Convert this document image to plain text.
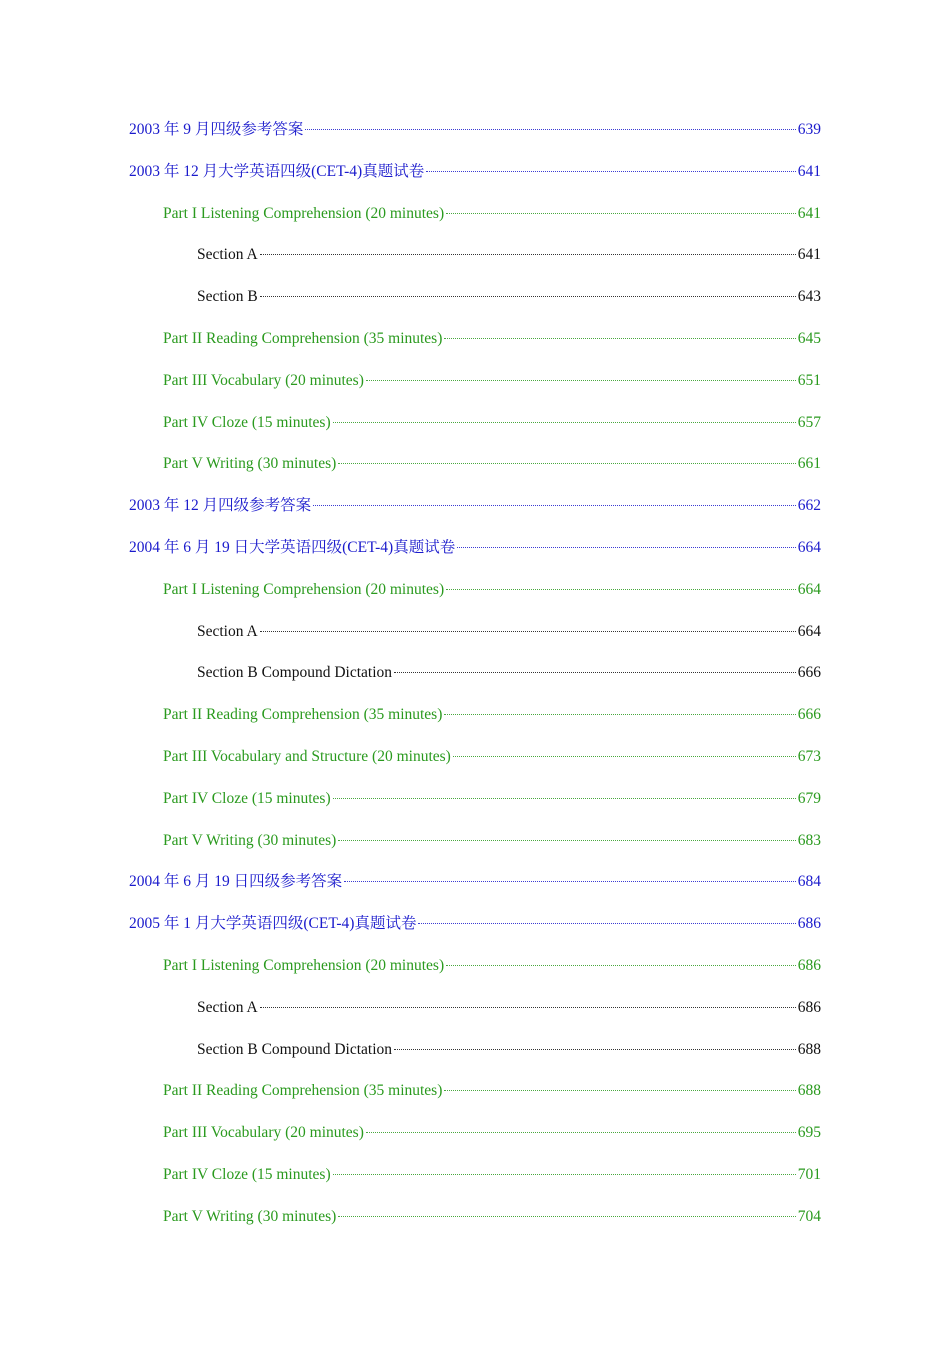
2003 年 9 月四级参考答案	639
2003 年 12 月大学英语四级(CET-4)真题试卷	641
Part I Listening Comprehension (20 minutes)	641
Section A	641
Section B	643
Part II Reading Comprehension (35 minutes)	645
Part III Vocabulary (20 minutes)	651
Part IV Cloze (15 minutes)	657
Part V Writing (30 minutes)	661
2003 年 12 月四级参考答案	662
2004 年 6 月 19 日大学英语四级(CET-4)真题试卷	664
Part I Listening Comprehension (20 minutes)	664
Section A	664
Section B Compound Dictation	666
Part II Reading Comprehension (35 minutes)	666
Part III Vocabulary and Structure (20 minutes)	673
Part IV Cloze (15 minutes)	679
Part V Writing (30 minutes)	683
2004 年 6 月 19 日四级参考答案	684
2005 年 1 月大学英语四级(CET-4)真题试卷	686
Part I Listening Comprehension (20 minutes)	686
Section A	686
Section B Compound Dictation	688
Part II Reading Comprehension (35 minutes)	688
Part III Vocabulary (20 minutes)	695
Part IV Cloze (15 minutes)	701
Part V Writing (30 minutes)	704
